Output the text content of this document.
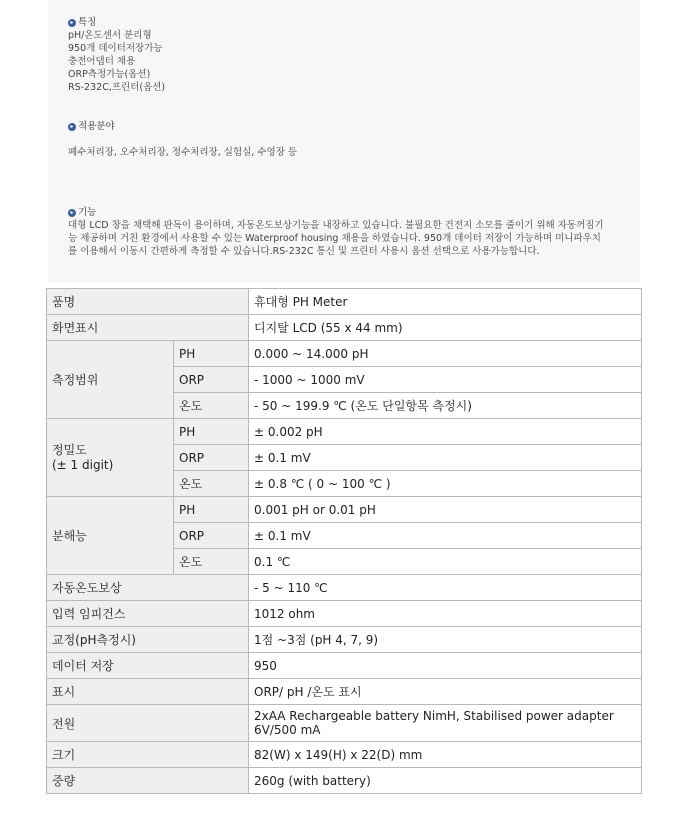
▸ 특징
pH/온도센서 분리형
950개 데이터저장가능
충전어댑터 채용
ORP측정가능(옵션)
RS-232C,프린터(옵션)
▸ 적용분야
폐수처리장, 오수처리장, 정수처리장, 실험실, 수영장 등
▸ 기능
대형 LCD 창을 채택해 판독이 용이하며, 자동온도보상기능을 내장하고 있습니다. 불필요한 건전지 소모를 줄이기 위해 자동꺼짐기능 제공하며 거친 환경에서 사용할 수 있는 Waterproof housing 채용을 하였습니다. 950개 데이터 저장이 가능하며 미니파우치를 이용해서 이동시 간편하게 측정할 수 있습니다.RS-232C 통신 및 프린터 사용시 옵션 선택으로 사용가능합니다.
품명		휴대형 PH Meter
화면표시		디지탈 LCD (55 x 44 mm)
측정범위	PH	0.000 ~ 14.000 pH
	ORP	- 1000 ~ 1000 mV
	온도	- 50 ~ 199.9 ℃ (온도 단일항목 측정시)

정밀도
(± 1 digit)	PH	± 0.002 pH
	ORP	± 0.1 mV
	온도	± 0.8 ℃ ( 0 ~ 100 ℃ )
분해능	PH	0.001 pH or 0.01 pH
	ORP	± 0.1 mV
	온도	0.1 ℃
자동온도보상		- 5 ~ 110 ℃
입력 임피건스		1012 ohm
교정(pH측정시)		1점 ~3점 (pH 4, 7, 9)
데이터 저장		950
표시		ORP/ pH /온도 표시
전원		2xAA Rechargeable battery NimH, Stabilised power adapter 6V/500 mA
크기		82(W) x 149(H) x 22(D) mm
중량		260g (with battery)
